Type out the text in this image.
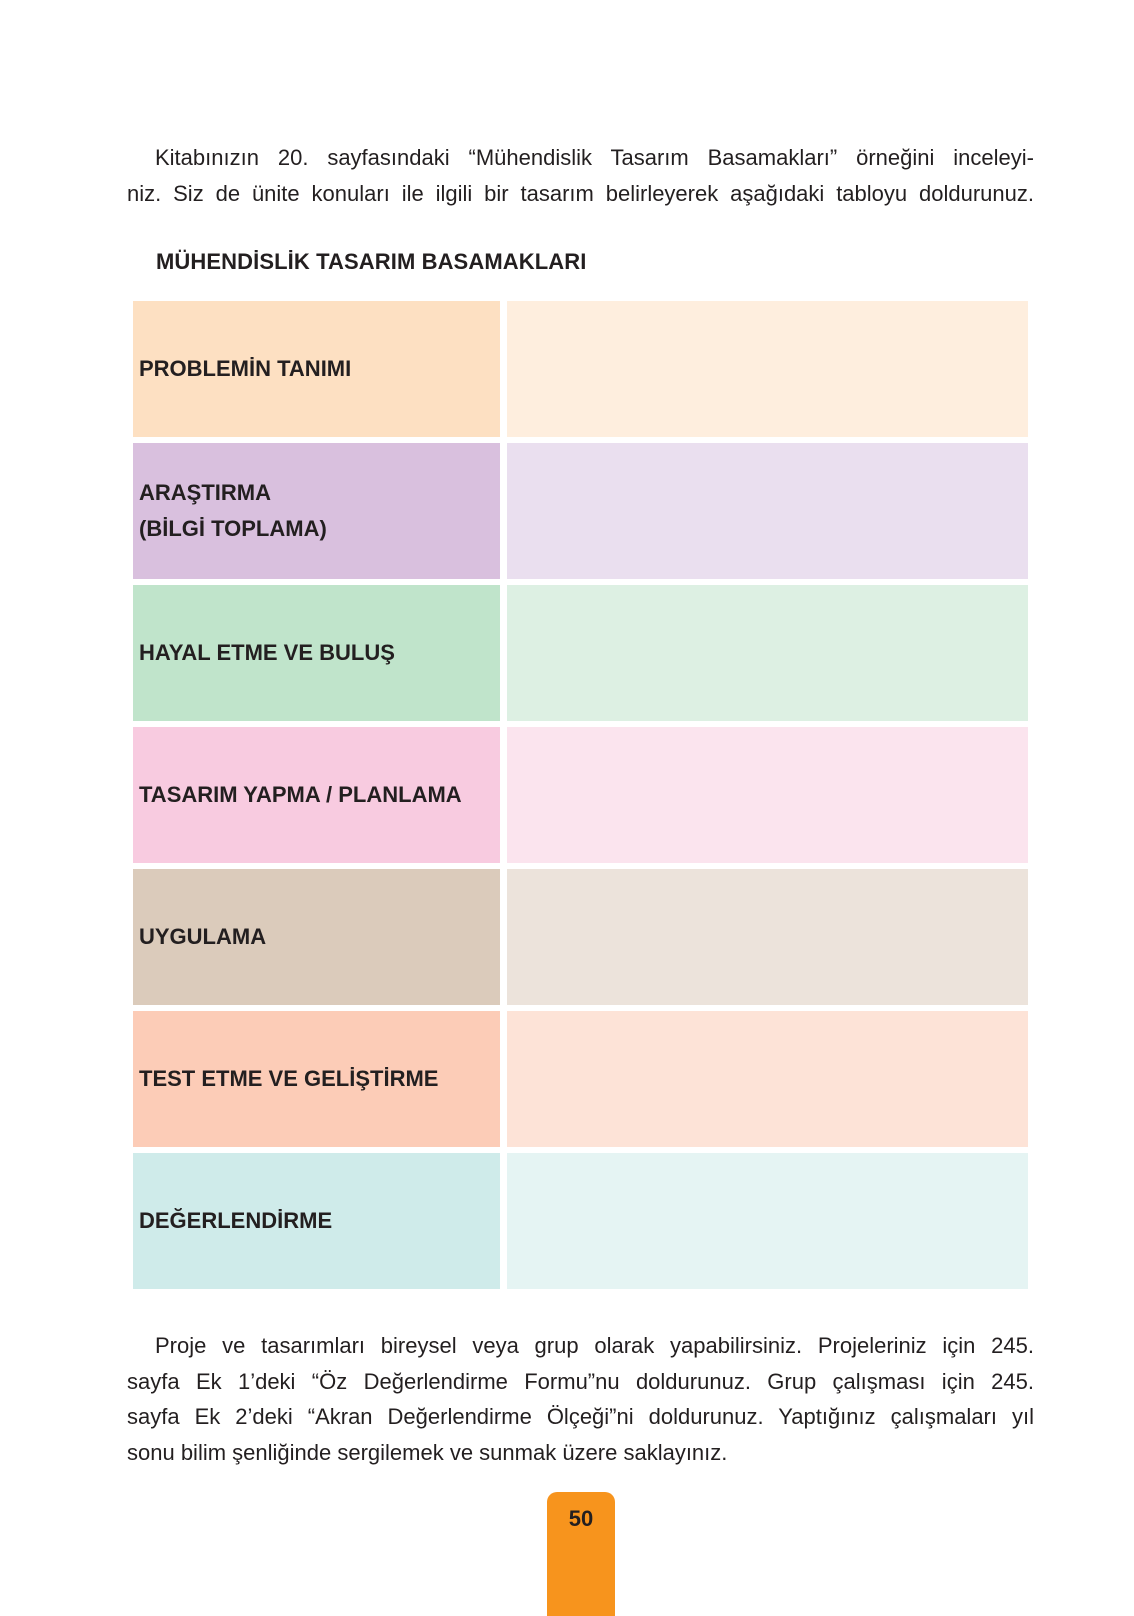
Kitabınızın 20. sayfasındaki “Mühendislik Tasarım Basamakları” örneğini inceleyi-
niz. Siz de ünite konuları ile ilgili bir tasarım belirleyerek aşağıdaki tabloyu doldurunuz.

MÜHENDİSLİK TASARIM BASAMAKLARI
PROBLEMİN TANIMI
ARAŞTIRMA
(BİLGİ TOPLAMA)
HAYAL ETME VE BULUŞ
TASARIM YAPMA / PLANLAMA
UYGULAMA
TEST ETME VE GELİŞTİRME
DEĞERLENDİRME

Proje ve tasarımları bireysel veya grup olarak yapabilirsiniz. Projeleriniz için 245.
sayfa Ek 1’deki “Öz Değerlendirme Formu”nu doldurunuz. Grup çalışması için 245.
sayfa Ek 2’deki “Akran Değerlendirme Ölçeği”ni doldurunuz. Yaptığınız çalışmaları yıl
sonu bilim şenliğinde sergilemek ve sunmak üzere saklayınız.

50
